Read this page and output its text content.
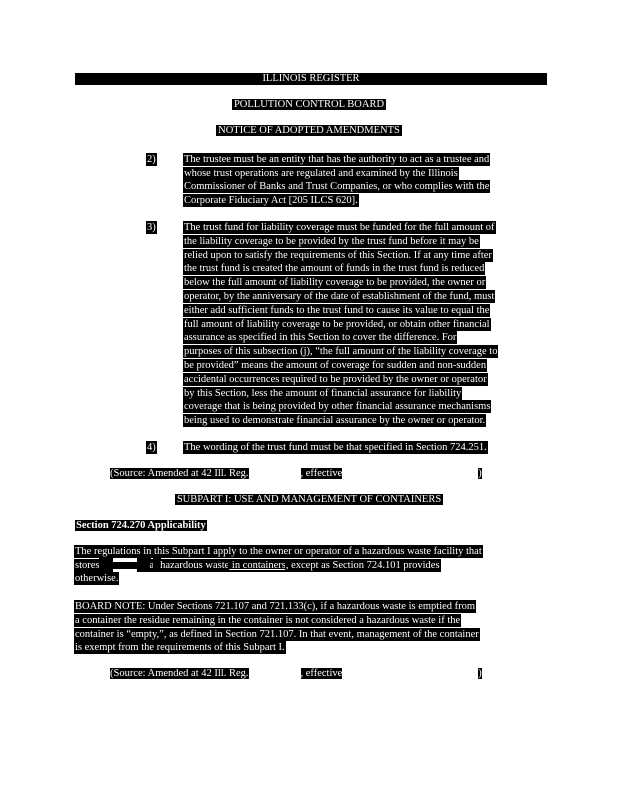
ILLINOIS REGISTER
POLLUTION CONTROL BOARD
NOTICE OF ADOPTED AMENDMENTS
2)	The trustee must be an entity that has the authority to act as a trustee and
whose trust operations are regulated and examined by the Illinois
Commissioner of Banks and Trust Companies, or who complies with the
Corporate Fiduciary Act [205 ILCS 620].
3)	The trust fund for liability coverage must be funded for the full amount of
the liability coverage to be provided by the trust fund before it may be
relied upon to satisfy the requirements of this Section. If at any time after
the trust fund is created the amount of funds in the trust fund is reduced
below the full amount of liability coverage to be provided, the owner or
operator, by the anniversary of the date of establishment of the fund, must
either add sufficient funds to the trust fund to cause its value to equal the
full amount of liability coverage to be provided, or obtain other financial
assurance as specified in this Section to cover the difference. For
purposes of this subsection (j), “the full amount of the liability coverage to
be provided” means the amount of coverage for sudden and non-sudden
accidental occurrences required to be provided by the owner or operator
by this Section, less the amount of financial assurance for liability
coverage that is being provided by other financial assurance mechanisms
being used to demonstrate financial assurance by the owner or operator.
4)	The wording of the trust fund must be that specified in Section 724.251.
(Source: Amended at 42 Ill. Reg.	, effective	)
SUBPART I: USE AND MANAGEMENT OF CONTAINERS
Section 724.270 Applicability
The regulations in this Subpart I apply to the owner or operator of a hazardous waste facility that
stores	a hazardous waste in containers, except as Section 724.101 provides
otherwise.
BOARD NOTE: Under Sections 721.107 and 721.133(c), if a hazardous waste is emptied from
a container the residue remaining in the container is not considered a hazardous waste if the
container is “empty,”, as defined in Section 721.107. In that event, management of the container
is exempt from the requirements of this Subpart I.
(Source: Amended at 42 Ill. Reg.	, effective	)
